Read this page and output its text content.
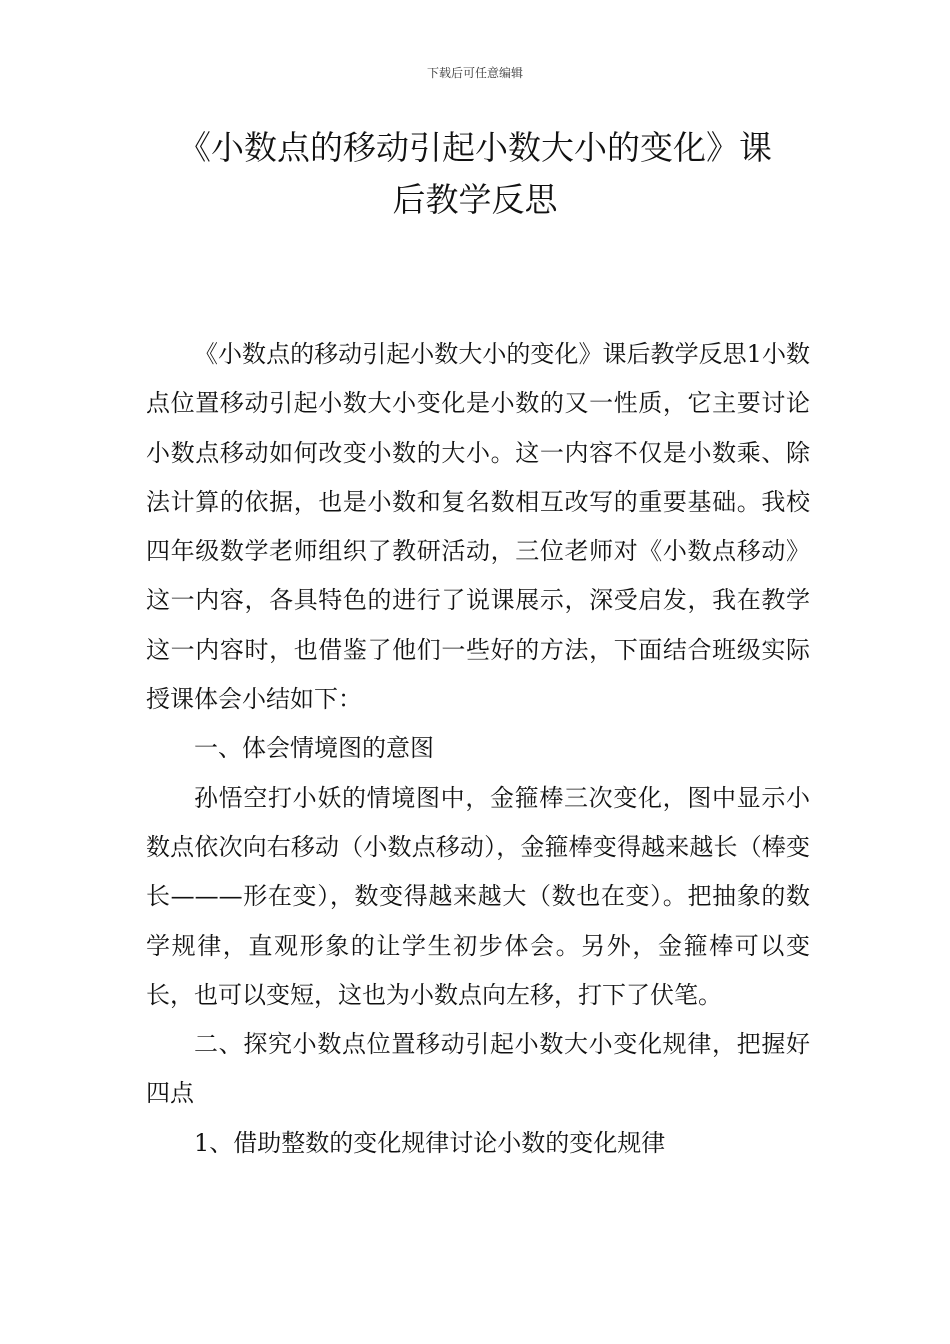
下载后可任意编辑
《小数点的移动引起小数大小的变化》课
后教学反思

《小数点的移动引起小数大小的变化》课后教学反思1小数点位置移动引起小数大小变化是小数的又一性质，它主要讨论小数点移动如何改变小数的大小。这一内容不仅是小数乘、除法计算的依据，也是小数和复名数相互改写的重要基础。我校四年级数学老师组织了教研活动，三位老师对《小数点移动》这一内容，各具特色的进行了说课展示，深受启发，我在教学这一内容时，也借鉴了他们一些好的方法，下面结合班级实际授课体会小结如下：

一、体会情境图的意图

孙悟空打小妖的情境图中，金箍棒三次变化，图中显示小数点依次向右移动（小数点移动），金箍棒变得越来越长（棒变长———形在变），数变得越来越大（数也在变）。把抽象的数学规律，直观形象的让学生初步体会。另外，金箍棒可以变长，也可以变短，这也为小数点向左移，打下了伏笔。

二、探究小数点位置移动引起小数大小变化规律，把握好四点

1、借助整数的变化规律讨论小数的变化规律
